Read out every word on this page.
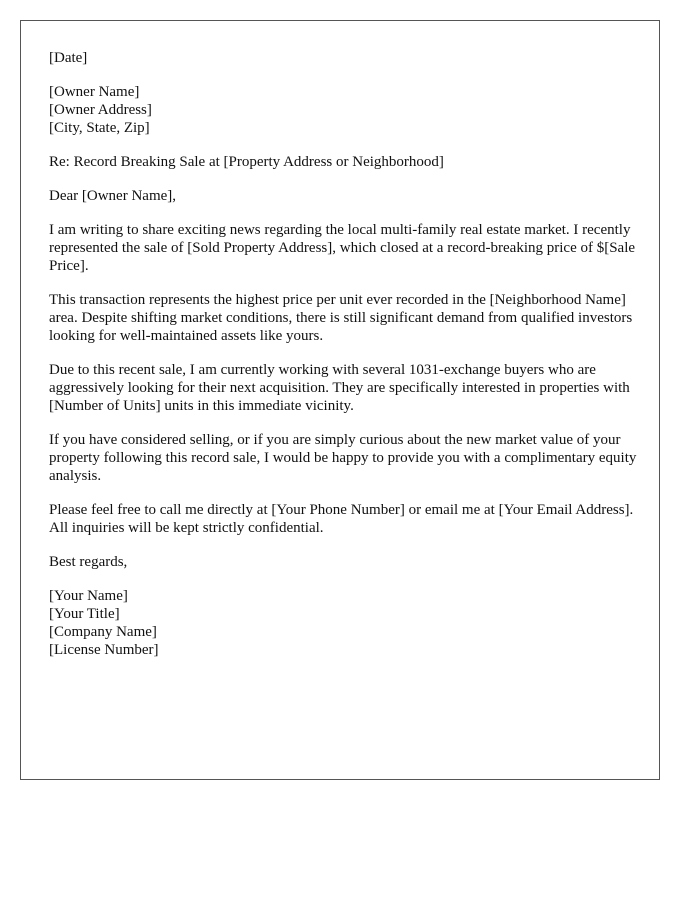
[Date]

[Owner Name]
[Owner Address]
[City, State, Zip]

Re: Record Breaking Sale at [Property Address or Neighborhood]

Dear [Owner Name],

I am writing to share exciting news regarding the local multi-family real estate market. I recently represented the sale of [Sold Property Address], which closed at a record-breaking price of $[Sale Price].

This transaction represents the highest price per unit ever recorded in the [Neighborhood Name] area. Despite shifting market conditions, there is still significant demand from qualified investors looking for well-maintained assets like yours.

Due to this recent sale, I am currently working with several 1031-exchange buyers who are aggressively looking for their next acquisition. They are specifically interested in properties with [Number of Units] units in this immediate vicinity.

If you have considered selling, or if you are simply curious about the new market value of your property following this record sale, I would be happy to provide you with a complimentary equity analysis.

Please feel free to call me directly at [Your Phone Number] or email me at [Your Email Address]. All inquiries will be kept strictly confidential.

Best regards,

[Your Name]
[Your Title]
[Company Name]
[License Number]
